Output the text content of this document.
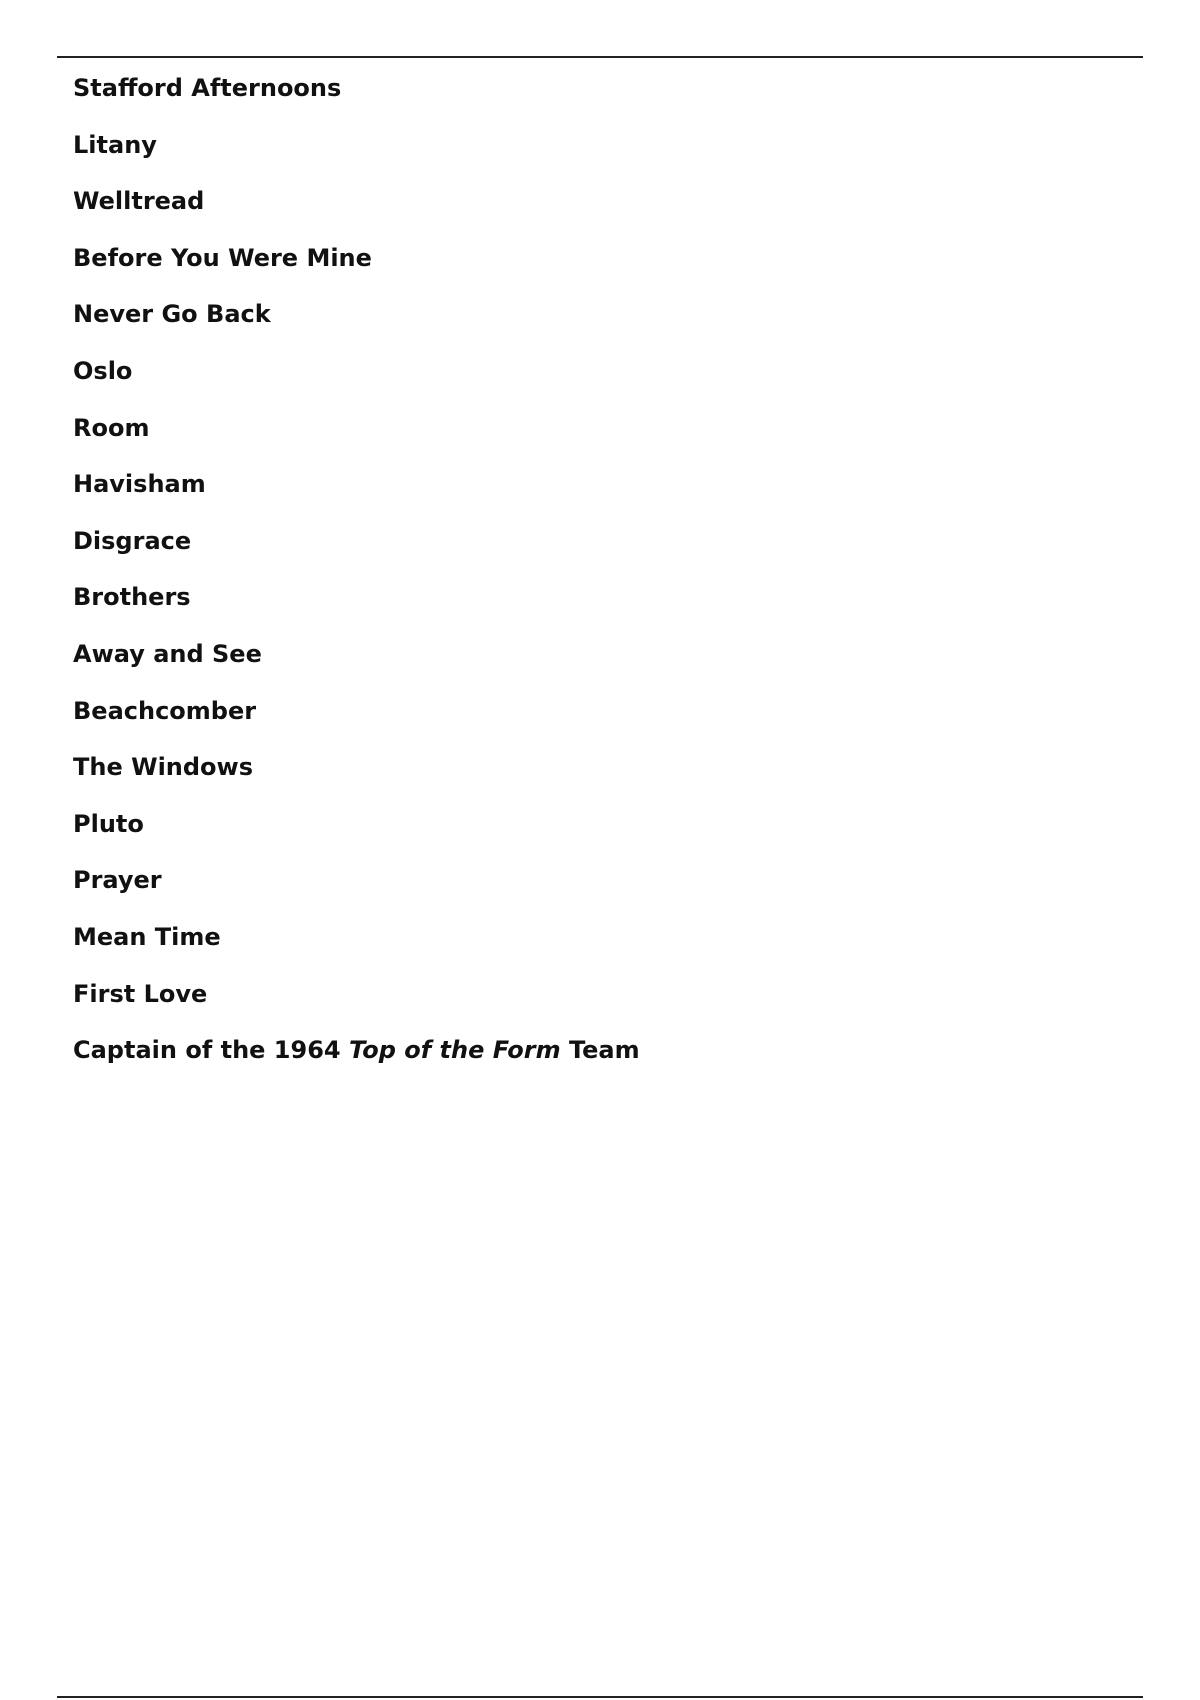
Stafford Afternoons
Litany
Welltread
Before You Were Mine
Never Go Back
Oslo
Room
Havisham
Disgrace
Brothers
Away and See
Beachcomber
The Windows
Pluto
Prayer
Mean Time
First Love
Captain of the 1964 Top of the Form Team
